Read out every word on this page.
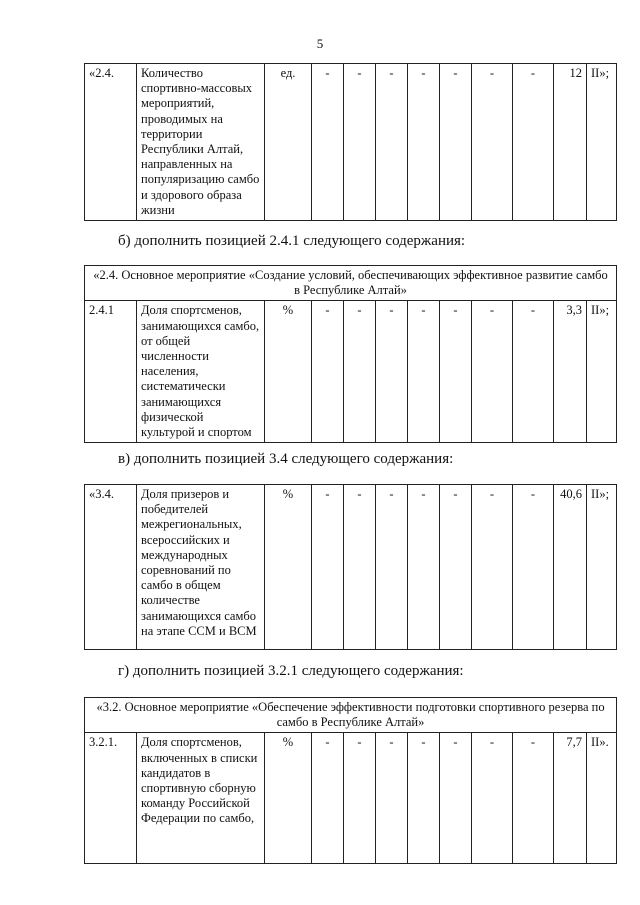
5
«2.4.	Количество спортивно-массовых мероприятий, проводимых на территории Республики Алтай, направленных на популяризацию самбо и здорового образа жизни	ед.	-	-	-	-	-	-	-	12	II»;
б) дополнить позицией 2.4.1 следующего содержания:
«2.4. Основное мероприятие «Создание условий, обеспечивающих эффективное развитие самбо в Республике Алтай»
2.4.1	Доля спортсменов, занимающихся самбо, от общей численности населения, систематически занимающихся физической культурой и спортом	%	-	-	-	-	-	-	-	3,3	II»;
в) дополнить позицией 3.4 следующего содержания:
«3.4.	Доля призеров и победителей межрегиональных, всероссийских и международных соревнований по самбо в общем количестве занимающихся самбо на этапе ССМ и ВСМ	%	-	-	-	-	-	-	-	40,6	II»;
г) дополнить позицией 3.2.1 следующего содержания:
«3.2. Основное мероприятие «Обеспечение эффективности подготовки спортивного резерва по самбо в Республике Алтай»
3.2.1.	Доля спортсменов, включенных в списки кандидатов в спортивную сборную команду Российской Федерации по самбо,	%	-	-	-	-	-	-	-	7,7	II».
